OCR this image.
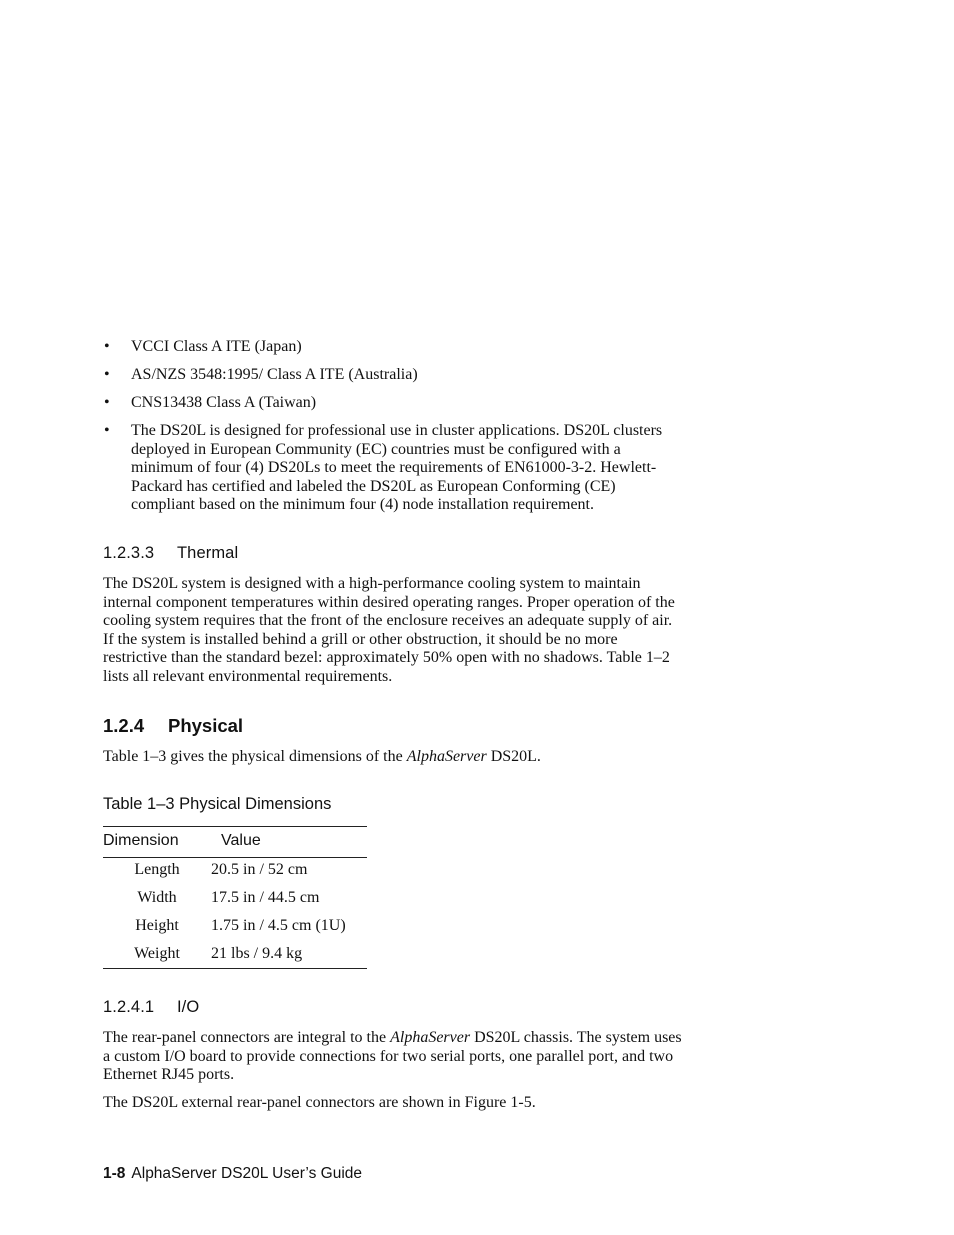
• VCCI Class A ITE (Japan)
• AS/NZS 3548:1995/ Class A ITE (Australia)
• CNS13438 Class A (Taiwan)
• The DS20L is designed for professional use in cluster applications. DS20L clusters deployed in European Community (EC) countries must be configured with a minimum of four (4) DS20Ls to meet the requirements of EN61000-3-2. Hewlett-Packard has certified and labeled the DS20L as European Conforming (CE) compliant based on the minimum four (4) node installation requirement.
1.2.3.3 Thermal

The DS20L system is designed with a high-performance cooling system to maintain internal component temperatures within desired operating ranges. Proper operation of the cooling system requires that the front of the enclosure receives an adequate supply of air. If the system is installed behind a grill or other obstruction, it should be no more restrictive than the standard bezel: approximately 50% open with no shadows. Table 1–2 lists all relevant environmental requirements.

1.2.4 Physical

Table 1–3 gives the physical dimensions of the AlphaServer DS20L.

Table 1–3 Physical Dimensions
Dimension	Value
Length	20.5 in / 52 cm
Width	17.5 in / 44.5 cm
Height	1.75 in / 4.5 cm (1U)
Weight	21 lbs / 9.4 kg
1.2.4.1 I/O

The rear-panel connectors are integral to the AlphaServer DS20L chassis. The system uses a custom I/O board to provide connections for two serial ports, one parallel port, and two Ethernet RJ45 ports.

The DS20L external rear-panel connectors are shown in Figure 1-5.

1-8 AlphaServer DS20L User’s Guide
